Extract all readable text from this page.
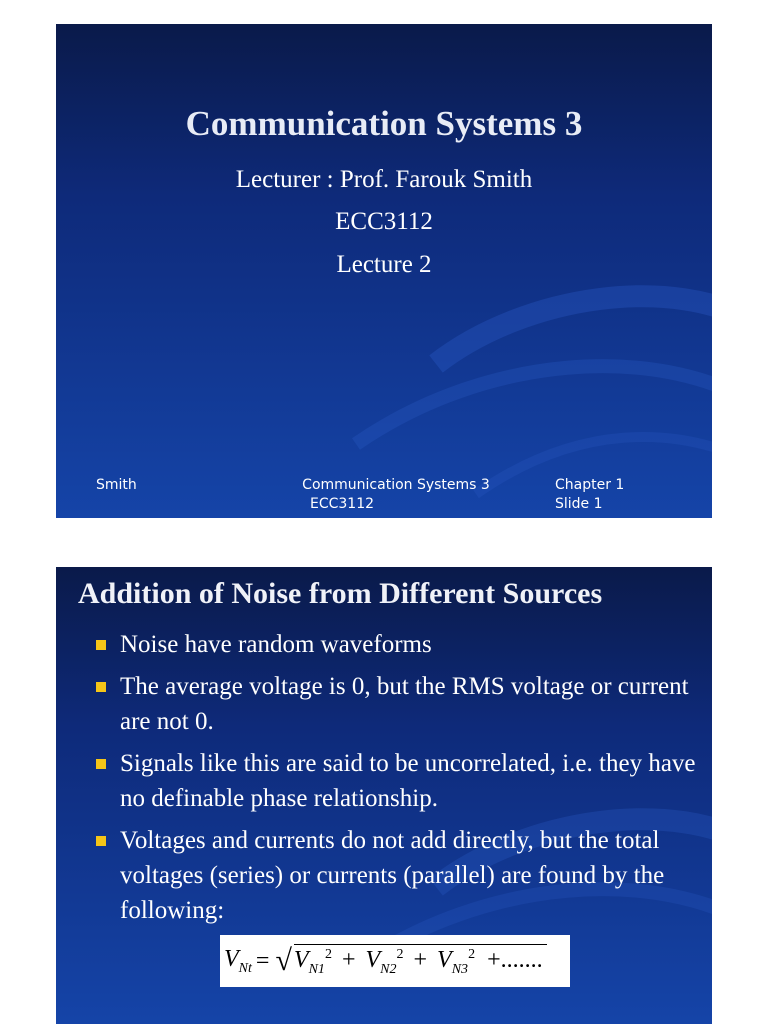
Communication Systems 3
Lecturer : Prof. Farouk Smith
ECC3112
Lecture 2
Smith	Communication Systems 3
ECC3112
Chapter 1
Slide 1
Addition of Noise from Different Sources
Noise have random waveforms
The average voltage is 0, but the RMS voltage or current are not 0.
Signals like this are said to be uncorrelated, i.e. they have no definable phase relationship.
Voltages and currents do not add directly, but the total voltages (series) or currents (parallel) are found by the following:
$V_{Nt}$ = √ $V_{N1}^2 + V_{N2}^2 + V_{N3}^2$ +.......
